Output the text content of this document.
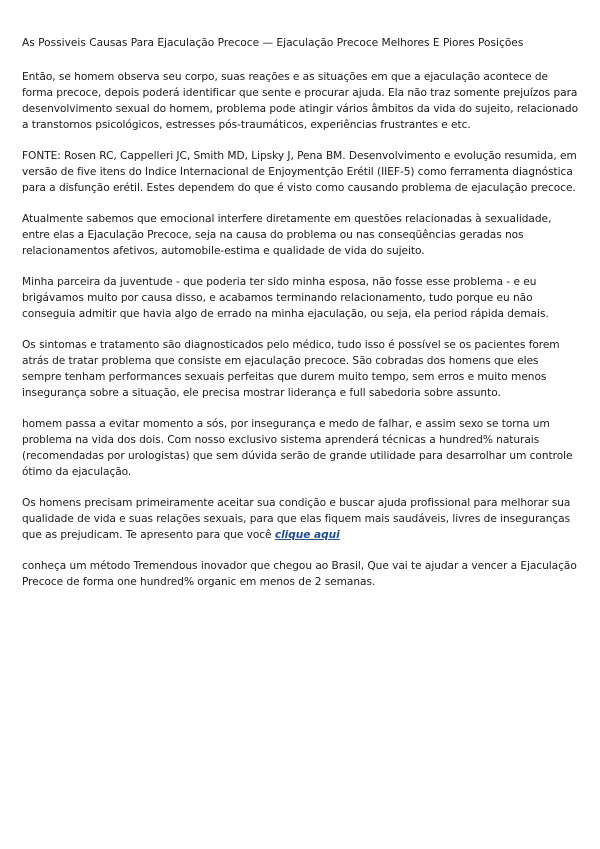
As Possiveis Causas Para Ejaculação Precoce — Ejaculação Precoce Melhores E Piores Posições

Então, se homem observa seu corpo, suas reações e as situações em que a ejaculação acontece de forma precoce, depois poderá identificar que sente e procurar ajuda. Ela não traz somente prejuízos para desenvolvimento sexual do homem, problema pode atingir vários âmbitos da vida do sujeito, relacionado a transtornos psicológicos, estresses pós-traumáticos, experiências frustrantes e etc.

FONTE: Rosen RC, Cappelleri JC, Smith MD, Lipsky J, Pena BM. Desenvolvimento e evolução resumida, em versão de five itens do Indice Internacional de Enjoymentção Erétil (IIEF-5) como ferramenta diagnóstica para a disfunção erétil. Estes dependem do que é visto como causando problema de ejaculação precoce.

Atualmente sabemos que emocional interfere diretamente em questões relacionadas à sexualidade, entre elas a Ejaculação Precoce, seja na causa do problema ou nas conseqüências geradas nos relacionamentos afetivos, automobile-estima e qualidade de vida do sujeito.

Minha parceira da juventude - que poderia ter sido minha esposa, não fosse esse problema - e eu brigávamos muito por causa disso, e acabamos terminando relacionamento, tudo porque eu não conseguia admitir que havia algo de errado na minha ejaculação, ou seja, ela period rápida demais.

Os sintomas e tratamento são diagnosticados pelo médico, tudo isso é possível se os pacientes forem atrás de tratar problema que consiste em ejaculação precoce. São cobradas dos homens que eles sempre tenham performances sexuais perfeitas que durem muito tempo, sem erros e muito menos insegurança sobre a situação, ele precisa mostrar liderança e full sabedoria sobre assunto.

homem passa a evitar momento a sós, por insegurança e medo de falhar, e assim sexo se torna um problema na vida dos dois. Com nosso exclusivo sistema aprenderá técnicas a hundred% naturais (recomendadas por urologistas) que sem dúvida serão de grande utilidade para desarrolhar um controle ótimo da ejaculação.

Os homens precisam primeiramente aceitar sua condição e buscar ajuda profissional para melhorar sua qualidade de vida e suas relações sexuais, para que elas fiquem mais saudáveis, livres de inseguranças que as prejudicam. Te apresento para que você clique aqui

conheça um método Tremendous inovador que chegou ao Brasil, Que vai te ajudar a vencer a Ejaculação Precoce de forma one hundred% organic em menos de 2 semanas.
